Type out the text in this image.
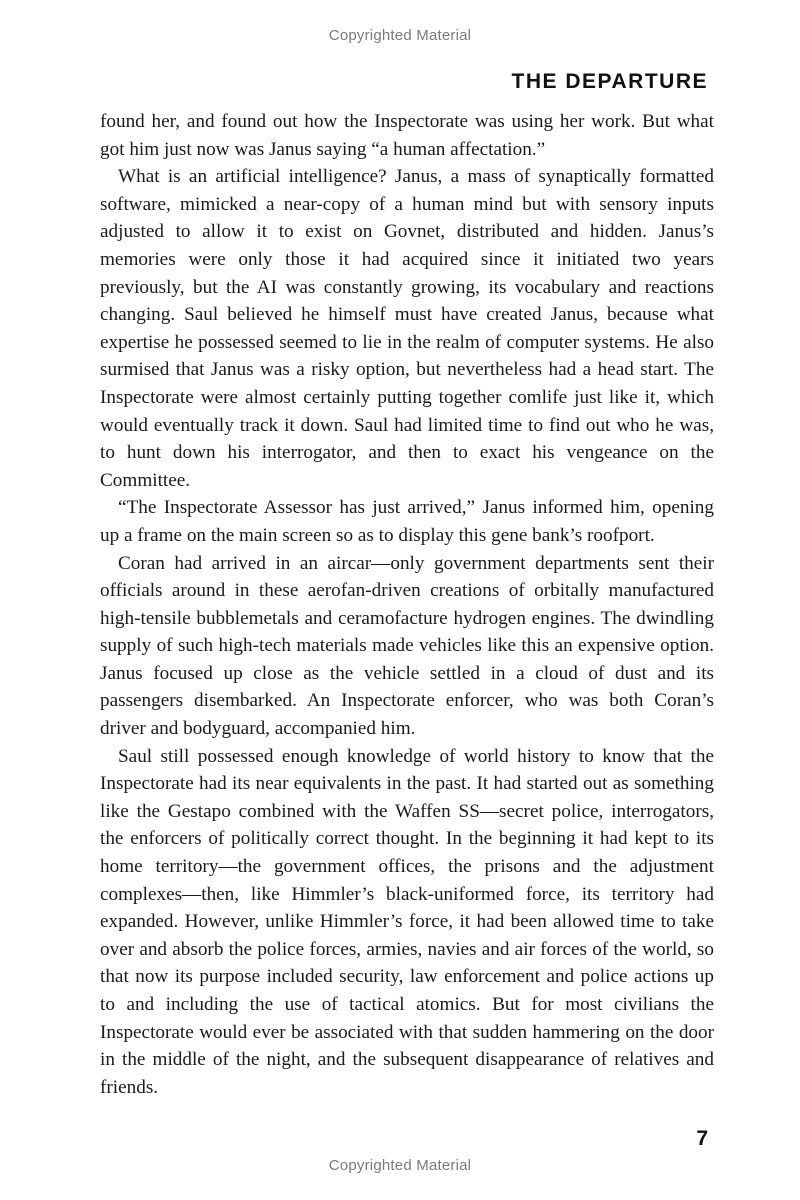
Copyrighted Material
THE DEPARTURE

found her, and found out how the Inspectorate was using her work. But what got him just now was Janus saying “a human affectation.”

What is an artificial intelligence? Janus, a mass of synaptically formatted software, mimicked a near-copy of a human mind but with sensory inputs adjusted to allow it to exist on Govnet, distributed and hidden. Janus’s memories were only those it had acquired since it initiated two years previously, but the AI was constantly growing, its vocabulary and reactions changing. Saul believed he himself must have created Janus, because what expertise he possessed seemed to lie in the realm of computer systems. He also surmised that Janus was a risky option, but nevertheless had a head start. The Inspectorate were almost certainly putting together comlife just like it, which would eventually track it down. Saul had limited time to find out who he was, to hunt down his interrogator, and then to exact his vengeance on the Committee.

“The Inspectorate Assessor has just arrived,” Janus informed him, opening up a frame on the main screen so as to display this gene bank’s roofport.

Coran had arrived in an aircar—only government departments sent their officials around in these aerofan-driven creations of orbitally manufactured high-tensile bubblemetals and ceramofacture hydrogen engines. The dwindling supply of such high-tech materials made vehicles like this an expensive option. Janus focused up close as the vehicle settled in a cloud of dust and its passengers disembarked. An Inspectorate enforcer, who was both Coran’s driver and bodyguard, accompanied him.

Saul still possessed enough knowledge of world history to know that the Inspectorate had its near equivalents in the past. It had started out as something like the Gestapo combined with the Waffen SS—secret police, interrogators, the enforcers of politically correct thought. In the beginning it had kept to its home territory—the government offices, the prisons and the adjustment complexes—then, like Himmler’s black-uniformed force, its territory had expanded. However, unlike Himmler’s force, it had been allowed time to take over and absorb the police forces, armies, navies and air forces of the world, so that now its purpose included security, law enforcement and police actions up to and including the use of tactical atomics. But for most civilians the Inspectorate would ever be associated with that sudden hammering on the door in the middle of the night, and the subsequent disappearance of relatives and friends.

7
Copyrighted Material
